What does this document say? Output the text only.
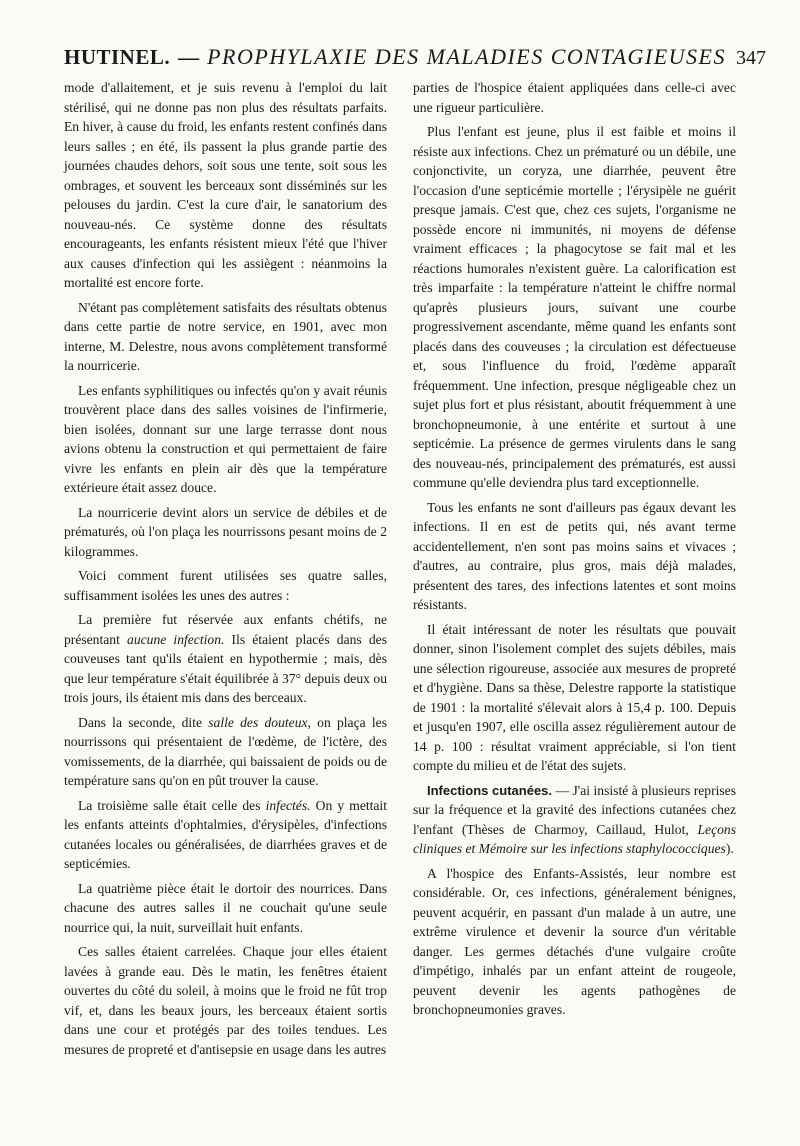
HUTINEL. — PROPHYLAXIE DES MALADIES CONTAGIEUSES 347

mode d'allaitement, et je suis revenu à l'emploi du lait stérilisé, qui ne donne pas non plus des résultats parfaits. En hiver, à cause du froid, les enfants restent confinés dans leurs salles ; en été, ils passent la plus grande partie des journées chaudes dehors, soit sous une tente, soit sous les ombrages, et souvent les berceaux sont disséminés sur les pelouses du jardin. C'est la cure d'air, le sanatorium des nouveau-nés. Ce système donne des résultats encourageants, les enfants résistent mieux l'été que l'hiver aux causes d'infection qui les assiègent : néanmoins la mortalité est encore forte.

N'étant pas complètement satisfaits des résultats obtenus dans cette partie de notre service, en 1901, avec mon interne, M. Delestre, nous avons complètement transformé la nourricerie.

Les enfants syphilitiques ou infectés qu'on y avait réunis trouvèrent place dans des salles voisines de l'infirmerie, bien isolées, donnant sur une large terrasse dont nous avions obtenu la construction et qui permettaient de faire vivre les enfants en plein air dès que la température extérieure était assez douce.

La nourricerie devint alors un service de débiles et de prématurés, où l'on plaça les nourrissons pesant moins de 2 kilogrammes.

Voici comment furent utilisées ses quatre salles, suffisamment isolées les unes des autres :

La première fut réservée aux enfants chétifs, ne présentant aucune infection. Ils étaient placés dans des couveuses tant qu'ils étaient en hypothermie ; mais, dès que leur température s'était équilibrée à 37° depuis deux ou trois jours, ils étaient mis dans des berceaux.

Dans la seconde, dite salle des douteux, on plaça les nourrissons qui présentaient de l'œdème, de l'ictère, des vomissements, de la diarrhée, qui baissaient de poids ou de température sans qu'on en pût trouver la cause.

La troisième salle était celle des infectés. On y mettait les enfants atteints d'ophtalmies, d'érysipèles, d'infections cutanées locales ou généralisées, de diarrhées graves et de septicémies.

La quatrième pièce était le dortoir des nourrices. Dans chacune des autres salles il ne couchait qu'une seule nourrice qui, la nuit, surveillait huit enfants.

Ces salles étaient carrelées. Chaque jour elles étaient lavées à grande eau. Dès le matin, les fenêtres étaient ouvertes du côté du soleil, à moins que le froid ne fût trop vif, et, dans les beaux jours, les berceaux étaient sortis dans une cour et protégés par des toiles tendues. Les mesures de propreté et d'antisepsie en usage dans les autres

parties de l'hospice étaient appliquées dans celle-ci avec une rigueur particulière.

Plus l'enfant est jeune, plus il est faible et moins il résiste aux infections. Chez un prématuré ou un débile, une conjonctivite, un coryza, une diarrhée, peuvent être l'occasion d'une septicémie mortelle ; l'érysipèle ne guérit presque jamais. C'est que, chez ces sujets, l'organisme ne possède encore ni immunités, ni moyens de défense vraiment efficaces ; la phagocytose se fait mal et les réactions humorales n'existent guère. La calorification est très imparfaite : la température n'atteint le chiffre normal qu'après plusieurs jours, suivant une courbe progressivement ascendante, même quand les enfants sont placés dans des couveuses ; la circulation est défectueuse et, sous l'influence du froid, l'œdème apparaît fréquemment. Une infection, presque négligeable chez un sujet plus fort et plus résistant, aboutit fréquemment à une bronchopneumonie, à une entérite et surtout à une septicémie. La présence de germes virulents dans le sang des nouveau-nés, principalement des prématurés, est aussi commune qu'elle deviendra plus tard exceptionnelle.

Tous les enfants ne sont d'ailleurs pas égaux devant les infections. Il en est de petits qui, nés avant terme accidentellement, n'en sont pas moins sains et vivaces ; d'autres, au contraire, plus gros, mais déjà malades, présentent des tares, des infections latentes et sont moins résistants.

Il était intéressant de noter les résultats que pouvait donner, sinon l'isolement complet des sujets débiles, mais une sélection rigoureuse, associée aux mesures de propreté et d'hygiène. Dans sa thèse, Delestre rapporte la statistique de 1901 : la mortalité s'élevait alors à 15,4 p. 100. Depuis et jusqu'en 1907, elle oscilla assez régulièrement autour de 14 p. 100 : résultat vraiment appréciable, si l'on tient compte du milieu et de l'état des sujets.

Infections cutanées. — J'ai insisté à plusieurs reprises sur la fréquence et la gravité des infections cutanées chez l'enfant (Thèses de Charmoy, Caillaud, Hulot, Leçons cliniques et Mémoire sur les infections staphylococciques).

A l'hospice des Enfants-Assistés, leur nombre est considérable. Or, ces infections, généralement bénignes, peuvent acquérir, en passant d'un malade à un autre, une extrême virulence et devenir la source d'un véritable danger. Les germes détachés d'une vulgaire croûte d'impétigo, inhalés par un enfant atteint de rougeole, peuvent devenir les agents pathogènes de bronchopneumonies graves.
